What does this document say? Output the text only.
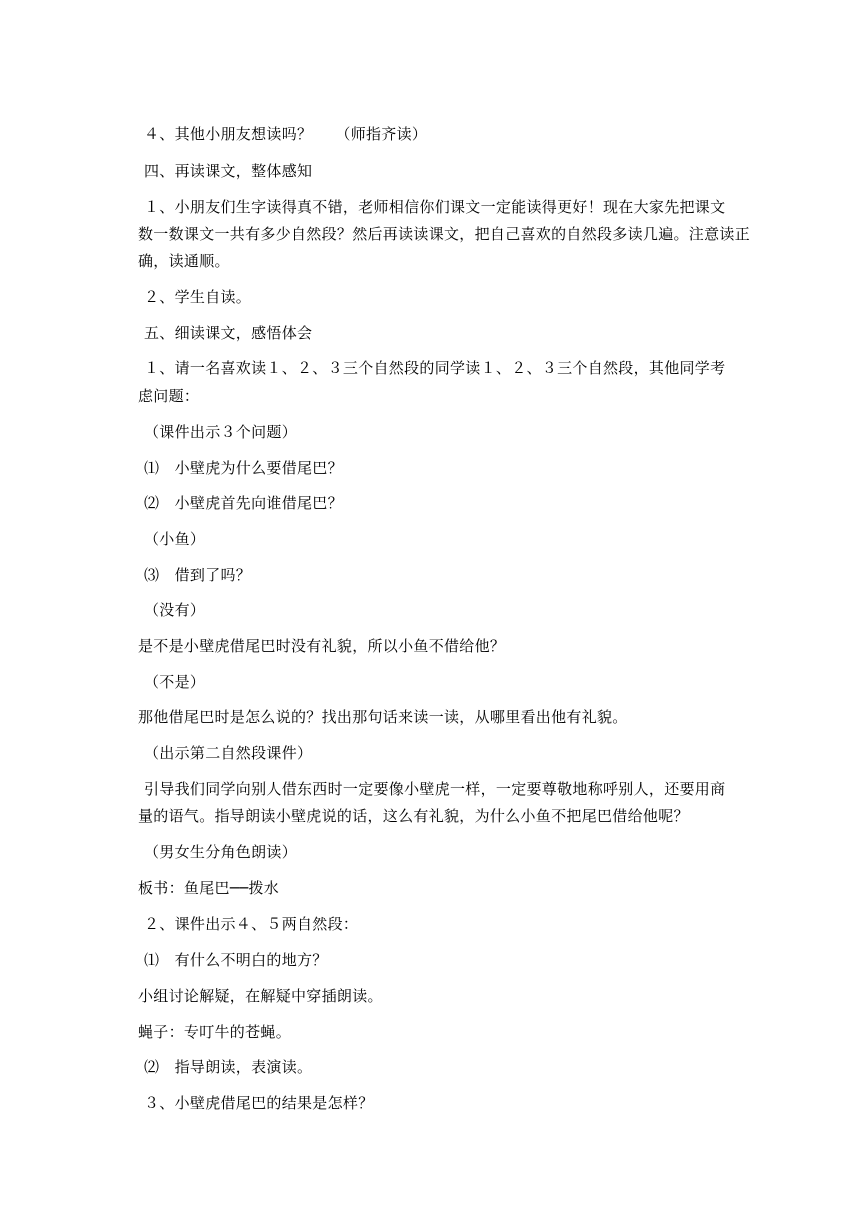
４、其他小朋友想读吗？　　（师指齐读）
四、再读课文，整体感知
１、小朋友们生字读得真不错，老师相信你们课文一定能读得更好！现在大家先把课文
数一数课文一共有多少自然段？然后再读读课文，把自己喜欢的自然段多读几遍。注意读正
确，读通顺。
２、学生自读。
五、细读课文，感悟体会
１、请一名喜欢读１、２、３三个自然段的同学读１、２、３三个自然段，其他同学考
虑问题：
（课件出示３个问题）
⑴　小壁虎为什么要借尾巴？
⑵　小壁虎首先向谁借尾巴？
（小鱼）
⑶　借到了吗？
（没有）
是不是小壁虎借尾巴时没有礼貌，所以小鱼不借给他？
（不是）
那他借尾巴时是怎么说的？找出那句话来读一读，从哪里看出他有礼貌。
（出示第二自然段课件）
引导我们同学向别人借东西时一定要像小壁虎一样，一定要尊敬地称呼别人，还要用商
量的语气。指导朗读小壁虎说的话，这么有礼貌，为什么小鱼不把尾巴借给他呢？
（男女生分角色朗读）
板书：鱼尾巴──拨水
２、课件出示４、５两自然段：
⑴　有什么不明白的地方？
小组讨论解疑，在解疑中穿插朗读。
蝇子：专叮牛的苍蝇。
⑵　指导朗读，表演读。
３、小壁虎借尾巴的结果是怎样？
